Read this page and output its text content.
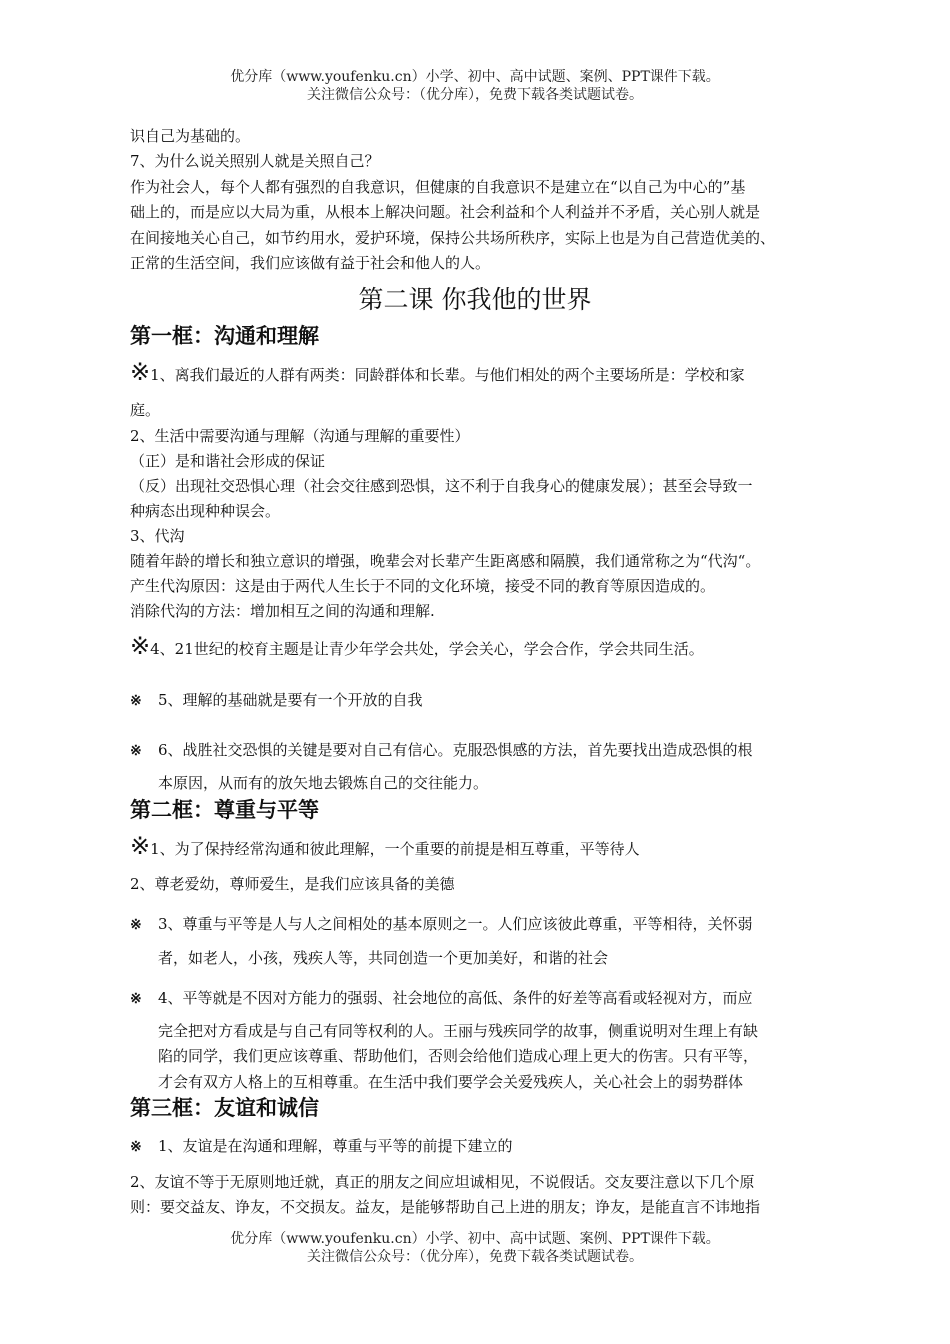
优分库（www.youfenku.cn）小学、初中、高中试题、案例、PPT课件下载。
关注微信公众号：（优分库），免费下载各类试题试卷。
识自己为基础的。
7、为什么说关照别人就是关照自己？
作为社会人，每个人都有强烈的自我意识，但健康的自我意识不是建立在“以自己为中心的”基
础上的，而是应以大局为重，从根本上解决问题。社会利益和个人利益并不矛盾，关心别人就是
在间接地关心自己，如节约用水，爱护环境，保持公共场所秩序，实际上也是为自己营造优美的、
正常的生活空间，我们应该做有益于社会和他人的人。
第二课 你我他的世界
第一框：沟通和理解
※1、离我们最近的人群有两类：同龄群体和长辈。与他们相处的两个主要场所是：学校和家
庭。
2、生活中需要沟通与理解（沟通与理解的重要性）
（正）是和谐社会形成的保证
（反）出现社交恐惧心理（社会交往感到恐惧，这不利于自我身心的健康发展）；甚至会导致一
种病态出现种种误会。
3、代沟
随着年龄的增长和独立意识的增强，晚辈会对长辈产生距离感和隔膜，我们通常称之为“代沟“。
产生代沟原因：这是由于两代人生长于不同的文化环境，接受不同的教育等原因造成的。
消除代沟的方法：增加相互之间的沟通和理解.
※4、21世纪的校育主题是让青少年学会共处，学会关心，学会合作，学会共同生活。
※ 5、理解的基础就是要有一个开放的自我
※ 6、战胜社交恐惧的关键是要对自己有信心。克服恐惧感的方法，首先要找出造成恐惧的根
本原因，从而有的放矢地去锻炼自己的交往能力。
第二框：尊重与平等
※1、为了保持经常沟通和彼此理解，一个重要的前提是相互尊重，平等待人
2、尊老爱幼，尊师爱生，是我们应该具备的美德
※ 3、尊重与平等是人与人之间相处的基本原则之一。人们应该彼此尊重，平等相待，关怀弱
者，如老人，小孩，残疾人等，共同创造一个更加美好，和谐的社会
※ 4、平等就是不因对方能力的强弱、社会地位的高低、条件的好差等高看或轻视对方，而应
完全把对方看成是与自己有同等权利的人。王丽与残疾同学的故事，侧重说明对生理上有缺
陷的同学，我们更应该尊重、帮助他们，否则会给他们造成心理上更大的伤害。只有平等，
才会有双方人格上的互相尊重。在生活中我们要学会关爱残疾人，关心社会上的弱势群体
第三框：友谊和诚信
※ 1、友谊是在沟通和理解，尊重与平等的前提下建立的
2、友谊不等于无原则地迁就，真正的朋友之间应坦诚相见，不说假话。交友要注意以下几个原
则：要交益友、诤友，不交损友。益友，是能够帮助自己上进的朋友；诤友，是能直言不讳地指
优分库（www.youfenku.cn）小学、初中、高中试题、案例、PPT课件下载。
关注微信公众号：（优分库），免费下载各类试题试卷。
